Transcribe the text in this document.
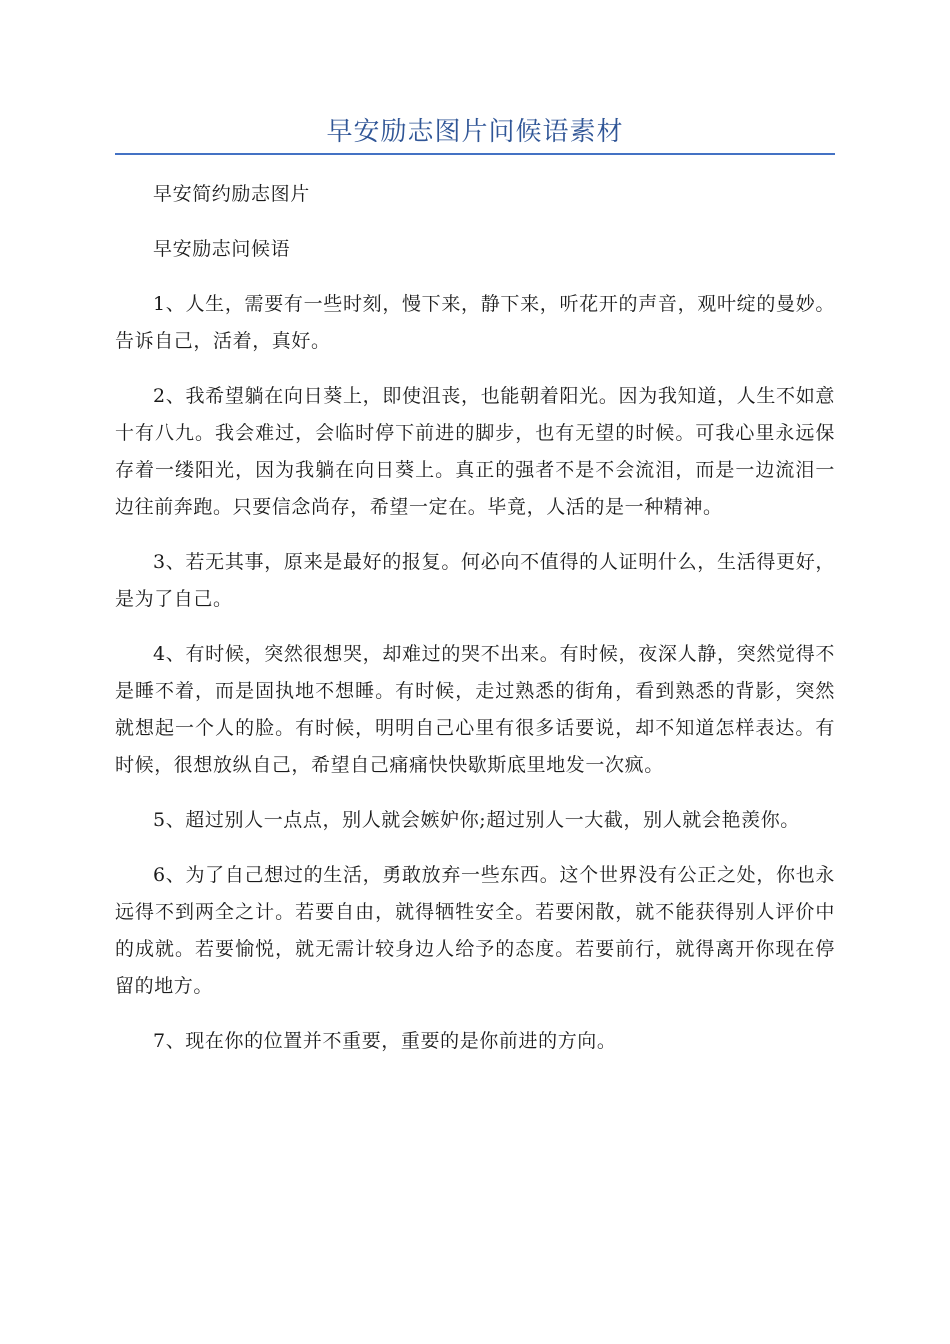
早安励志图片问候语素材

早安简约励志图片

早安励志问候语

1、人生，需要有一些时刻，慢下来，静下来，听花开的声音，观叶绽的曼妙。告诉自己，活着，真好。

2、我希望躺在向日葵上，即使沮丧，也能朝着阳光。因为我知道，人生不如意十有八九。我会难过，会临时停下前进的脚步，也有无望的时候。可我心里永远保存着一缕阳光，因为我躺在向日葵上。真正的强者不是不会流泪，而是一边流泪一边往前奔跑。只要信念尚存，希望一定在。毕竟，人活的是一种精神。

3、若无其事，原来是最好的报复。何必向不值得的人证明什么，生活得更好，是为了自己。

4、有时候，突然很想哭，却难过的哭不出来。有时候，夜深人静，突然觉得不是睡不着，而是固执地不想睡。有时候，走过熟悉的街角，看到熟悉的背影，突然就想起一个人的脸。有时候，明明自己心里有很多话要说，却不知道怎样表达。有时候，很想放纵自己，希望自己痛痛快快歇斯底里地发一次疯。

5、超过别人一点点，别人就会嫉妒你;超过别人一大截，别人就会艳羡你。

6、为了自己想过的生活，勇敢放弃一些东西。这个世界没有公正之处，你也永远得不到两全之计。若要自由，就得牺牲安全。若要闲散，就不能获得别人评价中的成就。若要愉悦，就无需计较身边人给予的态度。若要前行，就得离开你现在停留的地方。

7、现在你的位置并不重要，重要的是你前进的方向。
